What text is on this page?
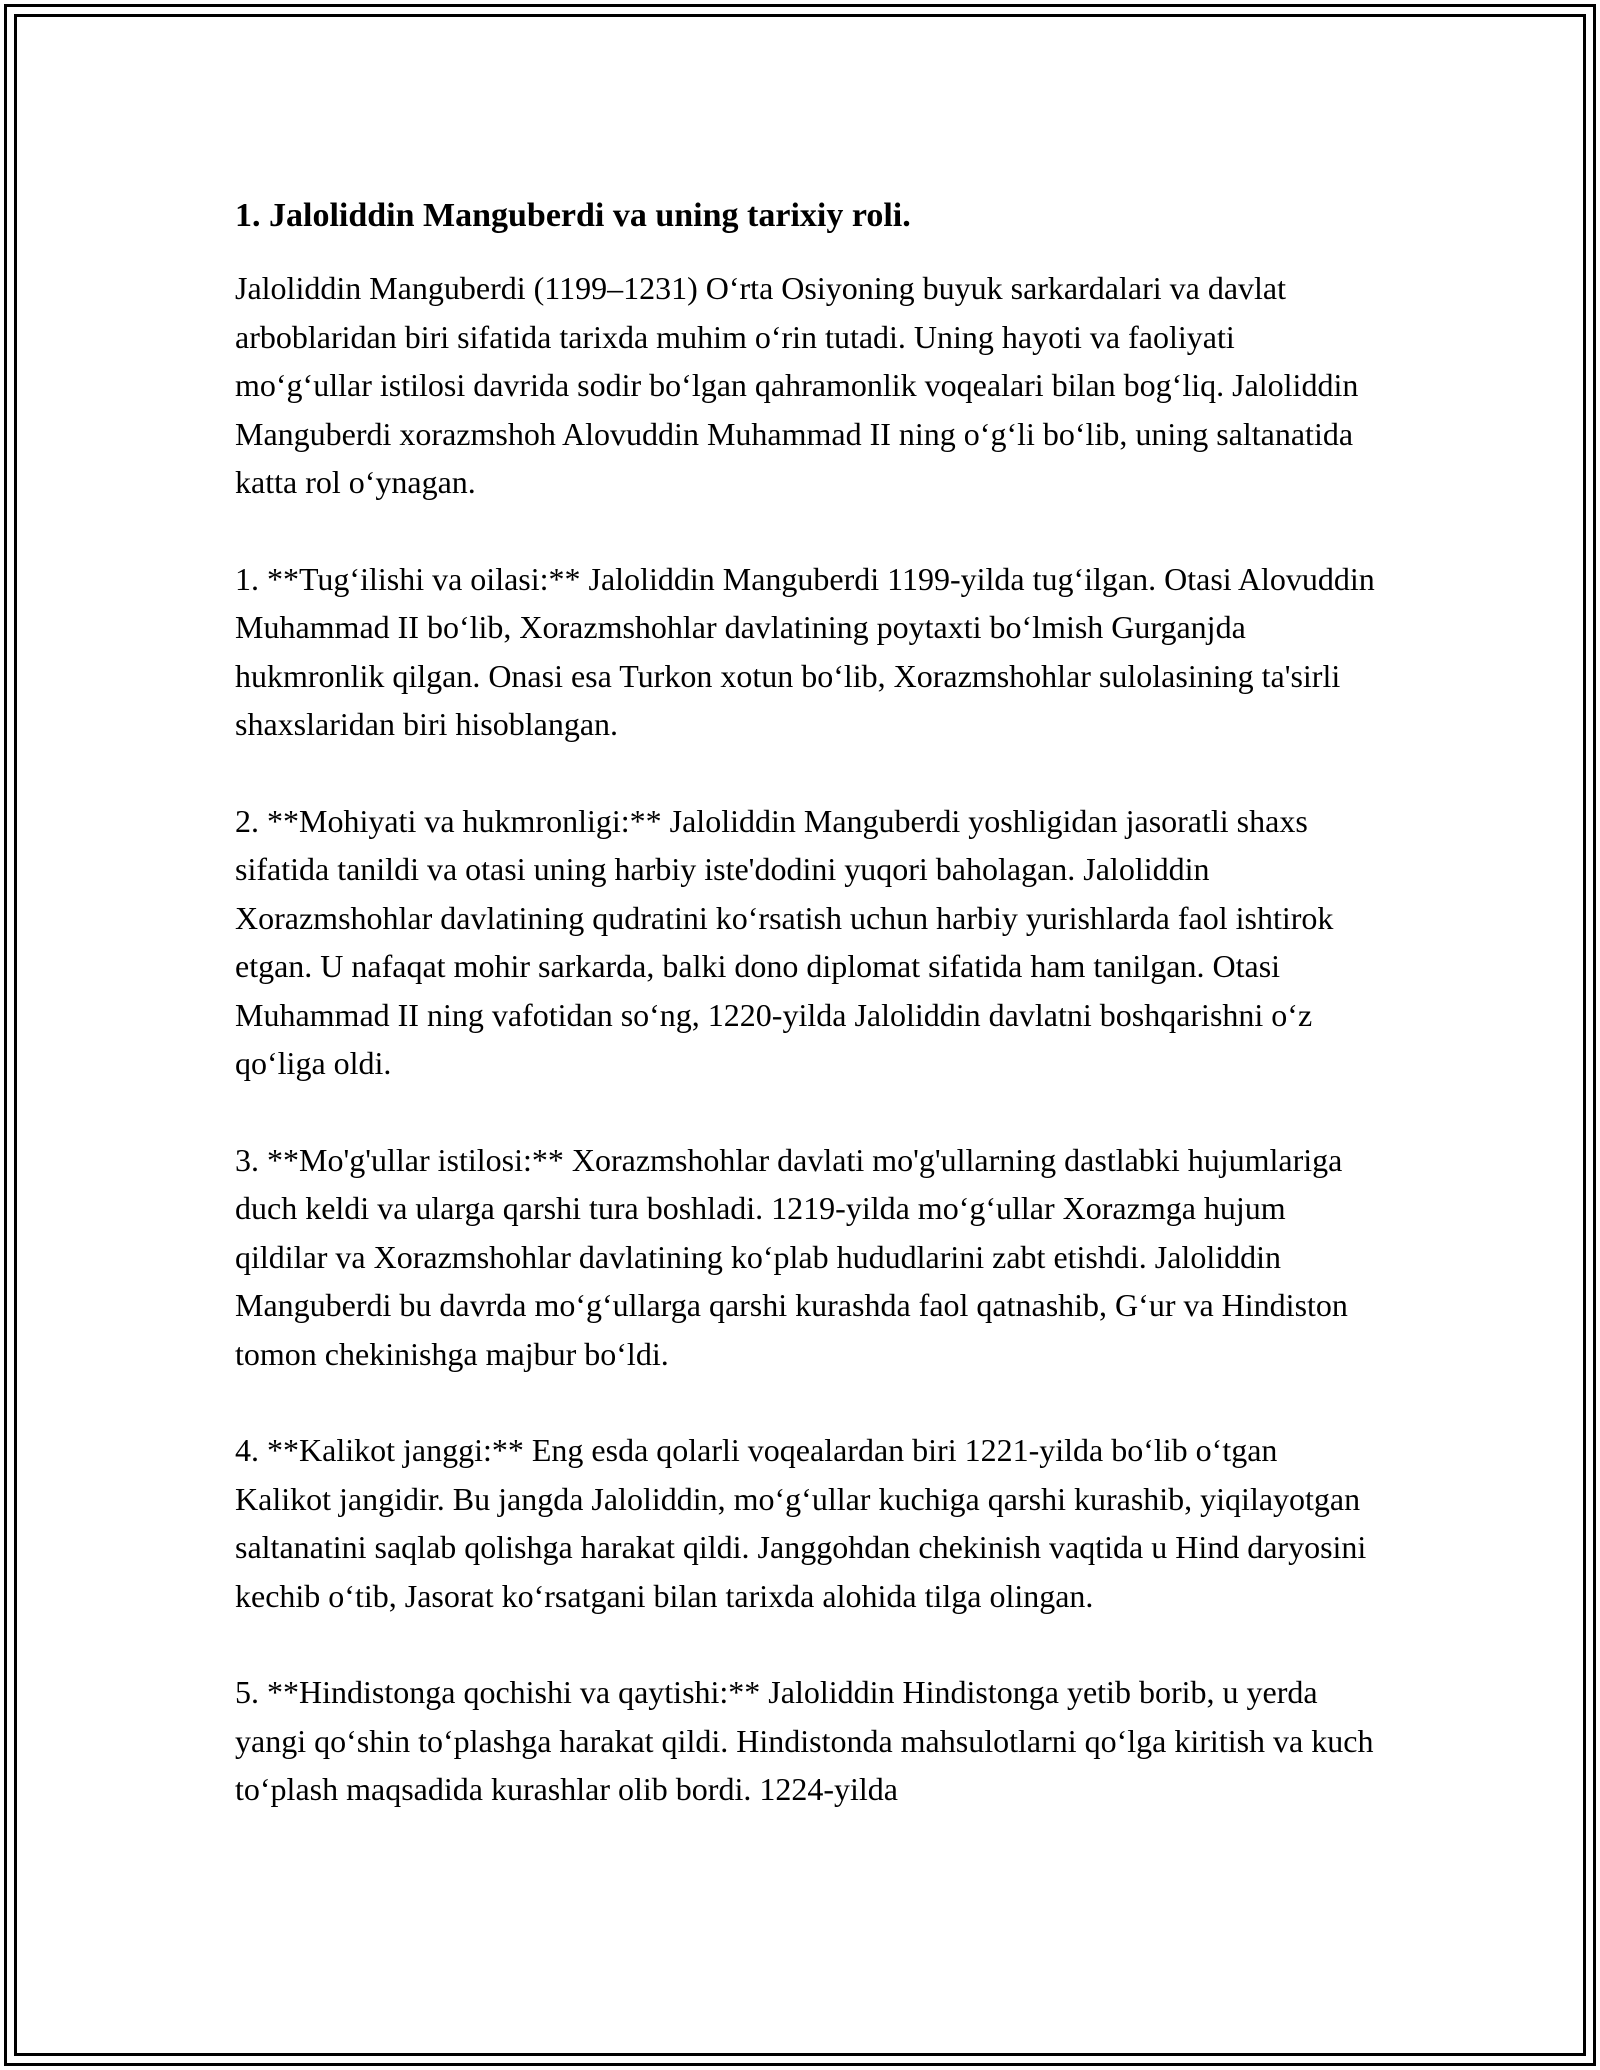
1. Jaloliddin Manguberdi va uning tarixiy roli.

Jaloliddin Manguberdi (1199–1231) O‘rta Osiyoning buyuk sarkardalari va davlat arboblaridan biri sifatida tarixda muhim o‘rin tutadi. Uning hayoti va faoliyati mo‘g‘ullar istilosi davrida sodir bo‘lgan qahramonlik voqealari bilan bog‘liq. Jaloliddin Manguberdi xorazmshoh Alovuddin Muhammad II ning o‘g‘li bo‘lib, uning saltanatida katta rol o‘ynagan.

1. **Tug‘ilishi va oilasi:** Jaloliddin Manguberdi 1199-yilda tug‘ilgan. Otasi Alovuddin Muhammad II bo‘lib, Xorazmshohlar davlatining poytaxti bo‘lmish Gurganjda hukmronlik qilgan. Onasi esa Turkon xotun bo‘lib, Xorazmshohlar sulolasining ta'sirli shaxslaridan biri hisoblangan.

2. **Mohiyati va hukmronligi:** Jaloliddin Manguberdi yoshligidan jasoratli shaxs sifatida tanildi va otasi uning harbiy iste'dodini yuqori baholagan. Jaloliddin Xorazmshohlar davlatining qudratini ko‘rsatish uchun harbiy yurishlarda faol ishtirok etgan. U nafaqat mohir sarkarda, balki dono diplomat sifatida ham tanilgan. Otasi Muhammad II ning vafotidan so‘ng, 1220-yilda Jaloliddin davlatni boshqarishni o‘z qo‘liga oldi.

3. **Mo'g'ullar istilosi:** Xorazmshohlar davlati mo'g'ullarning dastlabki hujumlariga duch keldi va ularga qarshi tura boshladi. 1219-yilda mo‘g‘ullar Xorazmga hujum qildilar va Xorazmshohlar davlatining ko‘plab hududlarini zabt etishdi. Jaloliddin Manguberdi bu davrda mo‘g‘ullarga qarshi kurashda faol qatnashib, G‘ur va Hindiston tomon chekinishga majbur bo‘ldi.

4. **Kalikot janggi:** Eng esda qolarli voqealardan biri 1221-yilda bo‘lib o‘tgan Kalikot jangidir. Bu jangda Jaloliddin, mo‘g‘ullar kuchiga qarshi kurashib, yiqilayotgan saltanatini saqlab qolishga harakat qildi. Janggohdan chekinish vaqtida u Hind daryosini kechib o‘tib, Jasorat ko‘rsatgani bilan tarixda alohida tilga olingan.

5. **Hindistonga qochishi va qaytishi:** Jaloliddin Hindistonga yetib borib, u yerda yangi qo‘shin to‘plashga harakat qildi. Hindistonda mahsulotlarni qo‘lga kiritish va kuch to‘plash maqsadida kurashlar olib bordi. 1224-yilda
